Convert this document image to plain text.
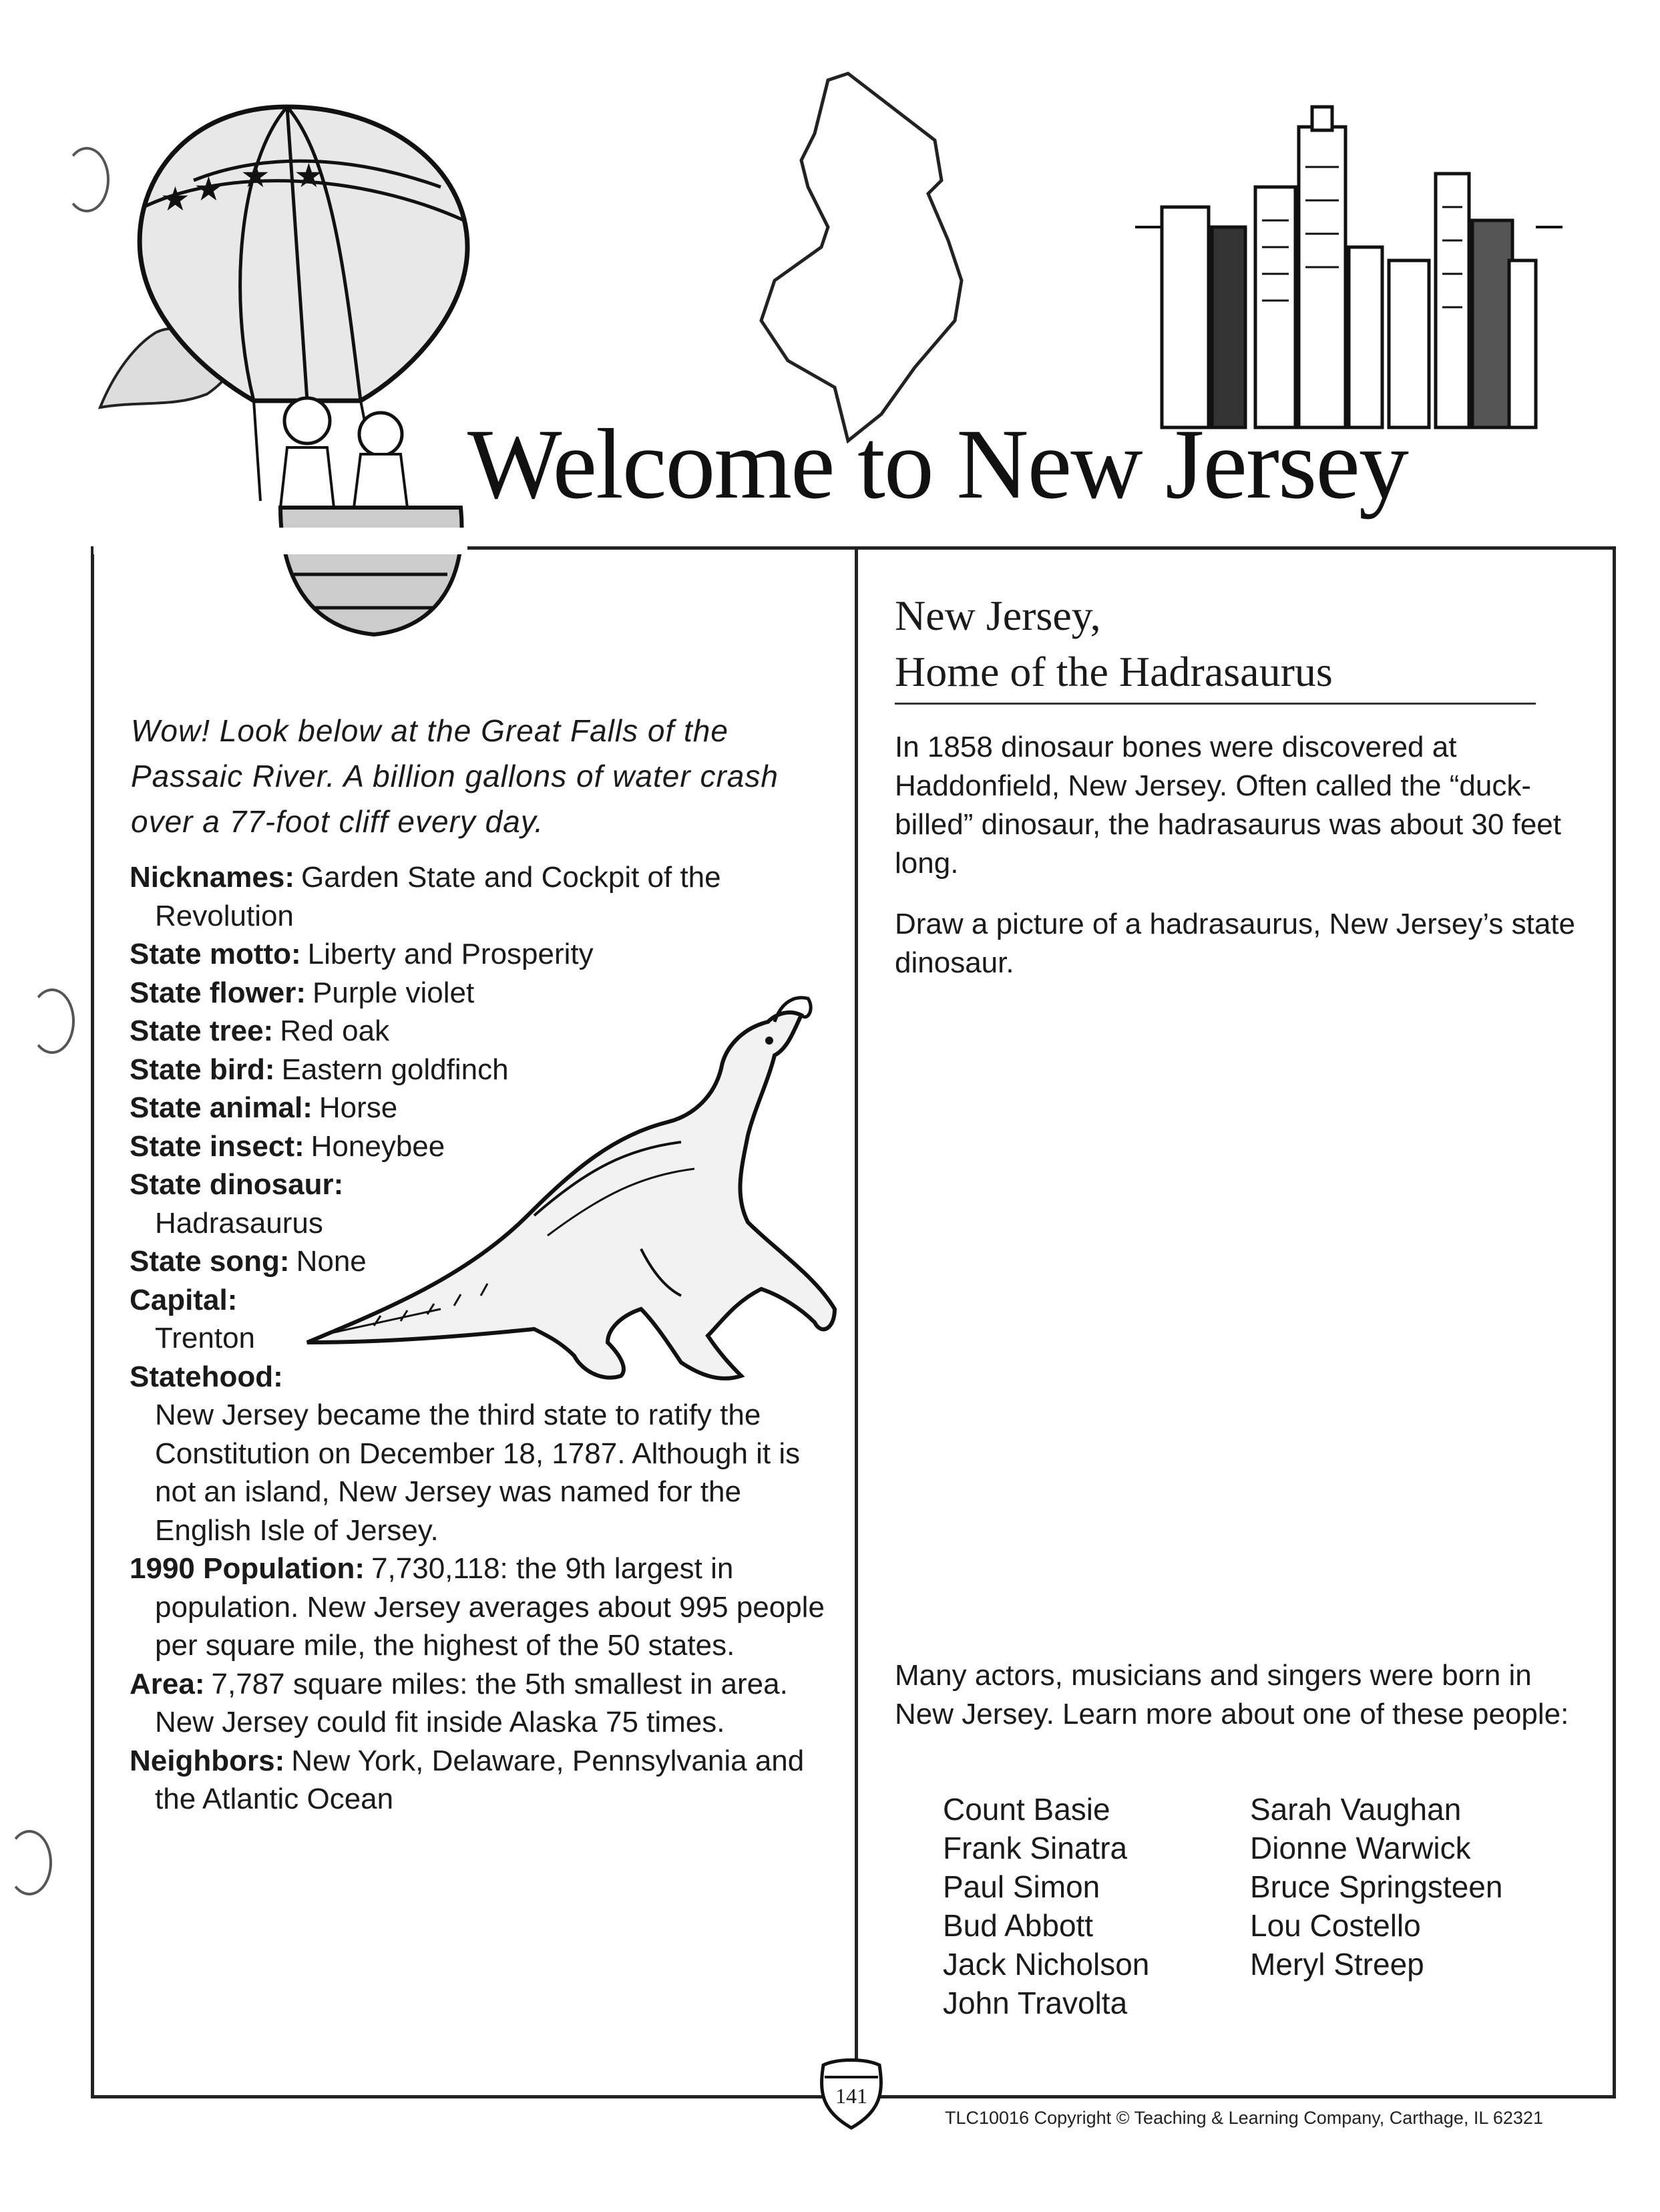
★ ★ ★ ★
Welcome to New Jersey
Wow! Look below at the Great Falls of the Passaic River. A billion gallons of water crash over a 77-foot cliff every day.
Nicknames: Garden State and Cockpit of the Revolution
State motto: Liberty and Prosperity
State flower: Purple violet
State tree: Red oak
State bird: Eastern goldfinch
State animal: Horse
State insect: Honeybee
State dinosaur:
Hadrasaurus
State song: None
Capital:
Trenton
Statehood:
New Jersey became the third state to ratify the Constitution on December 18, 1787. Although it is not an island, New Jersey was named for the English Isle of Jersey.
1990 Population: 7,730,118: the 9th largest in population. New Jersey averages about 995 people per square mile, the highest of the 50 states.
Area: 7,787 square miles: the 5th smallest in area. New Jersey could fit inside Alaska 75 times.
Neighbors: New York, Delaware, Pennsylvania and the Atlantic Ocean
New Jersey,
Home of the Hadrasaurus
In 1858 dinosaur bones were discovered at Haddonfield, New Jersey. Often called the “duck-billed” dinosaur, the hadrasaurus was about 30 feet long.
Draw a picture of a hadrasaurus, New Jersey’s state dinosaur.
Many actors, musicians and singers were born in New Jersey. Learn more about one of these people:
Count Basie
Frank Sinatra
Paul Simon
Bud Abbott
Jack Nicholson
John Travolta
Sarah Vaughan
Dionne Warwick
Bruce Springsteen
Lou Costello
Meryl Streep
141
TLC10016 Copyright © Teaching & Learning Company, Carthage, IL 62321
